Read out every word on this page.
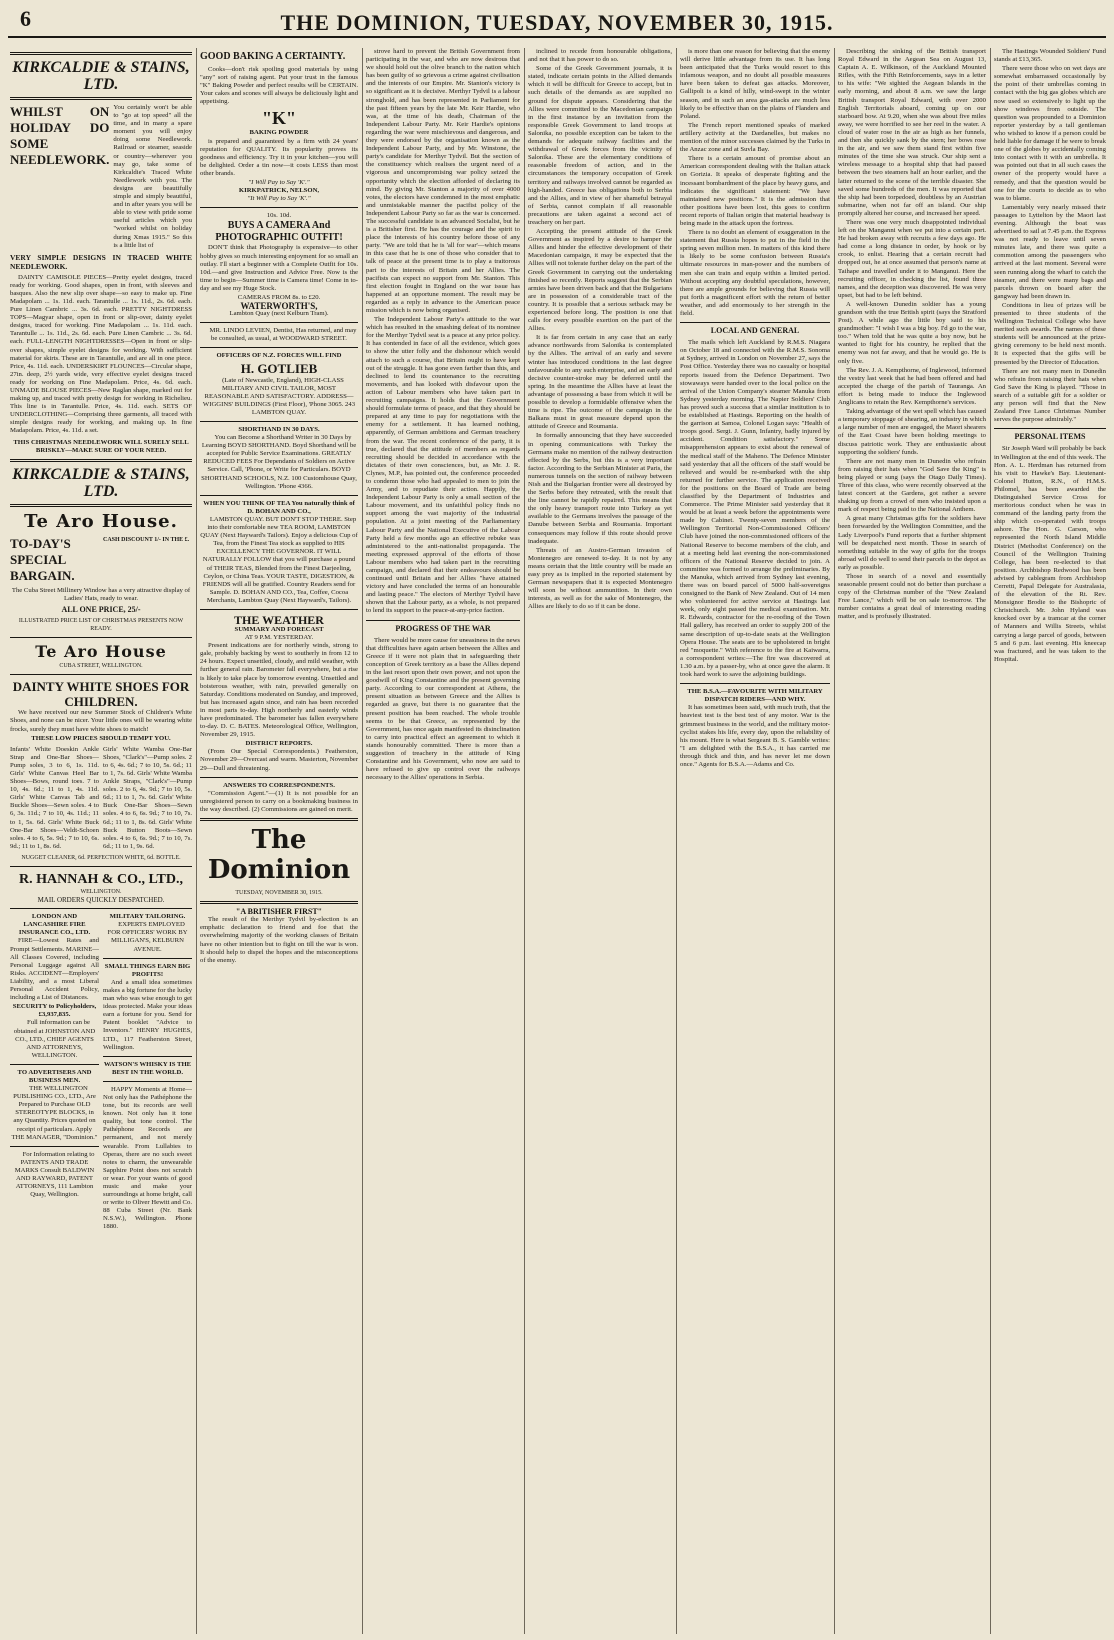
6	THE DOMINION, TUESDAY, NOVEMBER 30, 1915.
KIRKCALDIE & STAINS, LTD.
WHILST ON HOLIDAY DO SOME NEEDLEWORK.
You certainly won't be able to "go at top speed" all the time, and in many a spare moment you will enjoy doing some Needlework. Railroad or steamer, seaside or country—wherever you may go, take some of Kirkcaldie's Traced White Needlework with you. The designs are beautifully simple and simply beautiful, and in after years you will be able to view with pride some useful articles which you "worked whilst on holiday during Xmas 1915." So this is a little list of
VERY SIMPLE DESIGNS IN TRACED WHITE NEEDLEWORK.

DAINTY CAMISOLE PIECES—Pretty eyelet designs, traced ready for working. Good shapes, open in front, with sleeves and basques. Also the new slip over shape—so easy to make up. Fine Madapolam ... 1s. 11d. each. Tarantulle ... 1s. 11d., 2s. 6d. each. Pure Linen Cambric ... 3s. 6d. each. PRETTY NIGHTDRESS TOPS—Magyar shape, open in front or slip-over, dainty eyelet designs, traced for working. Fine Madapolam ... 1s. 11d. each. Tarantulle ... 1s. 11d., 2s. 6d. each. Pure Linen Cambric ... 3s. 6d. each. FULL-LENGTH NIGHTDRESSES—Open in front or slip-over shapes, simple eyelet designs for working. With sufficient material for skirts. These are in Tarantulle, and are all in one piece. Price, 4s. 11d. each. UNDERSKIRT FLOUNCES—Circular shape, 27in. deep, 2½ yards wide, very effective eyelet designs traced ready for working on Fine Madapolam. Price, 4s. 6d. each. UNMADE BLOUSE PIECES—New Raglan shape, marked out for making up, and traced with pretty design for working in Richelieu. This line is in Tarantulle. Price, 4s. 11d. each. SETS OF UNDERCLOTHING—Comprising three garments, all traced with simple designs ready for working, and making up. In fine Madapolam. Price, 4s. 11d. a set.

THIS CHRISTMAS NEEDLEWORK WILL SURELY SELL BRISKLY—MAKE SURE OF YOUR NEED.
KIRKCALDIE & STAINS, LTD.
Te Aro House.
TO-DAY'S SPECIAL BARGAIN.
CASH DISCOUNT 1/- IN THE £.
The Cuba Street Millinery Window has a very attractive display of Ladies' Hats, ready to wear.
ALL ONE PRICE, 25/-
ILLUSTRATED PRICE LIST OF CHRISTMAS PRESENTS NOW READY.
Te Aro House
CUBA STREET, WELLINGTON.
DAINTY WHITE SHOES FOR CHILDREN.

We have received our new Summer Stock of Children's White Shoes, and none can be nicer. Your little ones will be wearing white frocks, surely they must have white shoes to match!

THESE LOW PRICES SHOULD TEMPT YOU.
Infants' White Doeskin Ankle Strap and One-Bar Shoes—Pump soles, 3 to 6, 1s. 11d. Girls' White Canvas Heel Bar Shoes—Bows, round toes. 7 to 10, 4s. 6d.; 11 to 1, 4s. 11d. Girls' White Canvas Tab and Buckle Shoes—Sewn soles. 4 to 6, 3s. 11d.; 7 to 10, 4s. 11d.; 11 to 1, 5s. 6d. Girls' White Buck One-Bar Shoes—Veldt-Schoen soles. 4 to 6, 5s. 9d.; 7 to 10, 6s. 9d.; 11 to 1, 8s. 6d.
Girls' White Wamba One-Bar Shoes, "Clark's"—Pump soles. 2 to 6, 4s. 6d.; 7 to 10, 5s. 6d.; 11 to 1, 7s. 6d. Girls' White Wamba Ankle Straps, "Clark's"—Pump soles. 2 to 6, 4s. 9d.; 7 to 10, 5s. 6d.; 11 to 1, 7s. 6d. Girls' White Buck One-Bar Shoes—Sewn soles. 4 to 6, 6s. 9d.; 7 to 10, 7s. 6d.; 11 to 1, 8s. 6d. Girls' White Buck Button Boots—Sewn soles. 4 to 6, 6s. 9d.; 7 to 10, 7s. 6d.; 11 to 1, 9s. 6d.
NUGGET CLEANER, 6d. PERFECTION WHITE, 6d. BOTTLE.
R. HANNAH & CO., LTD.,
WELLINGTON.
MAIL ORDERS QUICKLY DESPATCHED.
LONDON AND LANCASHIRE FIRE INSURANCE CO., LTD.

FIRE—Lowest Rates and Prompt Settlements. MARINE—All Classes Covered, including Personal Luggage against All Risks. ACCIDENT—Employers' Liability, and a most Liberal Personal Accident Policy, including a List of Distances.

SECURITY to Policyholders, £3,937,835.

Full information can be obtained at JOHNSTON AND CO., LTD., CHIEF AGENTS AND ATTORNEYS, WELLINGTON.

TO ADVERTISERS AND BUSINESS MEN.

THE WELLINGTON PUBLISHING CO., LTD., Are Prepared to Purchase OLD STEREOTYPE BLOCKS, in any Quantity. Prices quoted on receipt of particulars. Apply THE MANAGER, "Dominion."

For Information relating to PATENTS AND TRADE MARKS Consult BALDWIN AND RAYWARD, PATENT ATTORNEYS, 111 Lambton Quay, Wellington.

MILITARY TAILORING.

EXPERTS EMPLOYED FOR OFFICERS' WORK BY MILLIGAN'S, KELBURN AVENUE.

SMALL THINGS EARN BIG PROFITS!

And a small idea sometimes makes a big fortune for the lucky man who was wise enough to get ideas protected. Make your ideas earn a fortune for you. Send for Patent booklet "Advice to Inventors." HENRY HUGHES, LTD., 117 Featherston Street, Wellington.

WATSON'S WHISKY IS THE BEST IN THE WORLD.

HAPPY Moments at Home—Not only has the Pathéphone the tone, but its records are well known. Not only has it tone quality, but tone control. The Pathéphone Records are permanent, and not merely wearable. From Lullabies to Operas, there are no such sweet notes to charm, the unwearable Sapphire Point does not scratch or wear. For your wants of good music and make your surroundings at home bright, call or write to Oliver Hewitt and Co. 88 Cuba Street (Nr. Bank N.S.W.), Wellington. Phone 1880.

GOOD BAKING A CERTAINTY.

Cooks—don't risk spoiling good materials by using "any" sort of raising agent. Put your trust in the famous "K" Baking Powder and perfect results will be CERTAIN. Your cakes and scones will always be deliciously light and appetising.

"K"
BAKING POWDER

is prepared and guaranteed by a firm with 24 years' reputation for QUALITY. Its popularity proves its goodness and efficiency. Try it in your kitchen—you will be delighted. Order a tin now—it costs LESS than most other brands.

"I Will Pay to Say 'K'."
KIRKPATRICK, NELSON,
"It Will Pay to Say 'K'."
10s. 10d.
BUYS A CAMERA And PHOTOGRAPHIC OUTFIT!

DON'T think that Photography is expensive—to other hobby gives so much interesting enjoyment for so small an outlay. I'll start a beginner with a Complete Outfit for 10s. 10d.—and give Instruction and Advice Free. Now is the time to begin—Summer time is Camera time! Come in to-day and see my Huge Stock.

CAMERAS FROM 8s. to £20.
WATERWORTH'S,
Lambton Quay (next Kelburn Tram).

MR. LINDO LEVIEN, Dentist, Has returned, and may be consulted, as usual, at WOODWARD STREET.

OFFICERS OF N.Z. FORCES WILL FIND
H. GOTLIEB

(Late of Newcastle, England), HIGH-CLASS MILITARY AND CIVIL TAILOR, MOST REASONABLE AND SATISFACTORY. ADDRESS—WIGGINS' BUILDINGS (First Floor), 'Phone 3065. 243 LAMBTON QUAY.

SHORTHAND IN 30 DAYS.

You can Become a Shorthand Writer in 30 Days by Learning BOYD SHORTHAND. Boyd Shorthand will be accepted for Public Service Examinations. GREATLY REDUCED FEES For Dependants of Soldiers on Active Service. Call, 'Phone, or Write for Particulars. BOYD SHORTHAND SCHOOLS, N.Z. 100 Customhouse Quay, Wellington. 'Phone 4366.

WHEN YOU THINK OF TEA You naturally think of D. BOHAN AND CO.,

LAMBTON QUAY. BUT DON'T STOP THERE. Step into their comfortable new TEA ROOM, LAMBTON QUAY (Next Hayward's Tailors). Enjoy a delicious Cup of Tea, from the Finest Tea stock as supplied to HIS EXCELLENCY THE GOVERNOR. IT WILL NATURALLY FOLLOW that you will purchase a pound of THEIR TEAS, Blended from the Finest Darjeeling, Ceylon, or China Teas. YOUR TASTE, DIGESTION, & FRIENDS will all be gratified. Country Readers send for Sample. D. BOHAN AND CO., Tea, Coffee, Cocoa Merchants, Lambton Quay (Next Hayward's, Tailors).

THE WEATHER
SUMMARY AND FORECAST
AT 9 P.M. YESTERDAY.

Present indications are for northerly winds, strong to gale, probably backing by west to southerly in from 12 to 24 hours. Expect unsettled, cloudy, and mild weather, with further general rain. Barometer fall everywhere, but a rise is likely to take place by tomorrow evening. Unsettled and boisterous weather, with rain, prevailed generally on Saturday. Conditions moderated on Sunday, and improved, but has increased again since, and rain has been recorded in most parts to-day. High northerly and easterly winds have predominated. The barometer has fallen everywhere to-day. D. C. BATES. Meteorological Office, Wellington, November 29, 1915.

DISTRICT REPORTS.

(From Our Special Correspondents.) Featherston, November 29—Overcast and warm. Masterton, November 29—Dull and threatening.

ANSWERS TO CORRESPONDENTS.

"Commission Agent."—(1) It is not possible for an unregistered person to carry on a bookmaking business in the way described. (2) Commissions are gained on merit.

The Dominion
TUESDAY, NOVEMBER 30, 1915.
"A BRITISHER FIRST"

The result of the Merthyr Tydvil by-election is an emphatic declaration to friend and foe that the overwhelming majority of the working classes of Britain have no other intention but to fight on till the war is won. It should help to dispel the hopes and the misconceptions of the enemy.

strove hard to prevent the British Government from participating in the war, and who are now desirous that we should hold out the olive branch to the nation which has been guilty of so grievous a crime against civilisation and the interests of our Empire. Mr. Stanton's victory is so significant as it is decisive. Merthyr Tydvil is a labour stronghold, and has been represented in Parliament for the past fifteen years by the late Mr. Keir Hardie, who was, at the time of his death, Chairman of the Independent Labour Party. Mr. Keir Hardie's opinions regarding the war were mischievous and dangerous, and they were endorsed by the organisation known as the Independent Labour Party, and by Mr. Winstone, the party's candidate for Merthyr Tydvil. But the section of the constituency which realises the urgent need of a vigorous and uncompromising war policy seized the opportunity which the election afforded of declaring its mind. By giving Mr. Stanton a majority of over 4000 votes, the electors have condemned in the most emphatic and unmistakable manner the pacifist policy of the Independent Labour Party so far as the war is concerned. The successful candidate is an advanced Socialist, but he is a Britisher first. He has the courage and the spirit to place the interests of his country before those of any party. "We are told that he is 'all for war'—which means in this case that he is one of those who consider that to talk of peace at the present time is to play a traitorous part to the interests of Britain and her Allies. The pacifists can expect no support from Mr. Stanton. This first election fought in England on the war issue has happened at an opportune moment. The result may be regarded as a reply in advance to the American peace mission which is now being organised.

The Independent Labour Party's attitude to the war which has resulted in the smashing defeat of its nominee for the Merthyr Tydvil seat is a peace at any price policy. It has contended in face of all the evidence, which goes to show the utter folly and the dishonour which would attach to such a course, that Britain ought to have kept out of the struggle. It has gone even farther than this, and declined to lend its countenance to the recruiting movements, and has looked with disfavour upon the action of Labour members who have taken part in recruiting campaigns. It holds that the Government should formulate terms of peace, and that they should be prepared at any time to pay for negotiations with the enemy for a settlement. It has learned nothing, apparently, of German ambitions and German treachery from the war. The recent conference of the party, it is true, declared that the attitude of members as regards recruiting should be decided in accordance with the dictates of their own consciences, but, as Mr. J. R. Clynes, M.P., has pointed out, the conference proceeded to condemn those who had appealed to men to join the Army, and to repudiate their action. Happily, the Independent Labour Party is only a small section of the Labour movement, and its unfaithful policy finds no support among the vast majority of the industrial population. At a joint meeting of the Parliamentary Labour Party and the National Executive of the Labour Party held a few months ago an effective rebuke was administered to the anti-nationalist propaganda. The meeting expressed approval of the efforts of those Labour members who had taken part in the recruiting campaign, and declared that their endeavours should be continued until Britain and her Allies "have attained victory and have concluded the terms of an honourable and lasting peace." The electors of Merthyr Tydvil have shown that the Labour party, as a whole, is not prepared to lend its support to the peace-at-any-price faction.

PROGRESS OF THE WAR

There would be more cause for uneasiness in the news that difficulties have again arisen between the Allies and Greece if it were not plain that in safeguarding their conception of Greek territory as a base the Allies depend in the last resort upon their own power, and not upon the goodwill of King Constantine and the present governing party. According to our correspondent at Athens, the present situation as between Greece and the Allies is regarded as grave, but there is no guarantee that the present position has been reached. The whole trouble seems to be that Greece, as represented by the Government, has once again manifested its disinclination to carry into practical effect an agreement to which it stands honourably committed. There is more than a suggestion of treachery in the attitude of King Constantine and his Government, who now are said to have refused to give up control over the railways necessary to the Allies' operations in Serbia.

inclined to recede from honourable obligations, and not that it has power to do so.

Some of the Greek Government journals, it is stated, indicate certain points in the Allied demands which it will be difficult for Greece to accept, but in such details of the demands as are supplied no ground for dispute appears. Considering that the Allies were committed to the Macedonian campaign in the first instance by an invitation from the responsible Greek Government to land troops at Salonika, no possible exception can be taken to the demands for adequate railway facilities and the withdrawal of Greek forces from the vicinity of Salonika. These are the elementary conditions of reasonable freedom of action, and in the circumstances the temporary occupation of Greek territory and railways involved cannot be regarded as high-handed. Greece has obligations both to Serbia and the Allies, and in view of her shameful betrayal of Serbia, cannot complain if all reasonable precautions are taken against a second act of treachery on her part.

Accepting the present attitude of the Greek Government as inspired by a desire to hamper the Allies and hinder the effective development of their Macedonian campaign, it may be expected that the Allies will not tolerate further delay on the part of the Greek Government in carrying out the undertaking finished so recently. Reports suggest that the Serbian armies have been driven back and that the Bulgarians are in possession of a considerable tract of the country. It is possible that a serious setback may be experienced before long. The position is one that calls for every possible exertion on the part of the Allies.

It is far from certain in any case that an early advance northwards from Salonika is contemplated by the Allies. The arrival of an early and severe winter has introduced conditions in the last degree unfavourable to any such enterprise, and an early and decisive counter-stroke may be deferred until the spring. In the meantime the Allies have at least the advantage of possessing a base from which it will be possible to develop a formidable offensive when the time is ripe. The outcome of the campaign in the Balkans must in great measure depend upon the attitude of Greece and Roumania.

In formally announcing that they have succeeded in opening communications with Turkey the Germans make no mention of the railway destruction effected by the Serbs, but this is a very important factor. According to the Serbian Minister at Paris, the numerous tunnels on the section of railway between Nish and the Bulgarian frontier were all destroyed by the Serbs before they retreated, with the result that the line cannot be rapidly repaired. This means that the only heavy transport route into Turkey as yet available to the Germans involves the passage of the Danube between Serbia and Roumania. Important consequences may follow if this route should prove inadequate.

Threats of an Austro-German invasion of Montenegro are renewed to-day. It is not by any means certain that the little country will be made an easy prey as is implied in the reported statement by German newspapers that it is expected Montenegro will soon be without ammunition. In their own interests, as well as for the sake of Montenegro, the Allies are likely to do so if it can be done.

is more than one reason for believing that the enemy will derive little advantage from its use. It has long been anticipated that the Turks would resort to this infamous weapon, and no doubt all possible measures have been taken to defeat gas attacks. Moreover, Gallipoli is a kind of hilly, wind-swept in the winter season, and in such an area gas-attacks are much less likely to be effective than on the plains of Flanders and Poland.

The French report mentioned speaks of marked artillery activity at the Dardanelles, but makes no mention of the minor successes claimed by the Turks in the Anzac zone and at Suvla Bay.

There is a certain amount of promise about an American correspondent dealing with the Italian attack on Gorizia. It speaks of desperate fighting and the incessant bombardment of the place by heavy guns, and indicates the significant statement: "We have maintained new positions." It is the admission that other positions have been lost, this goes to confirm recent reports of Italian origin that material headway is being made in the attack upon the fortress.

There is no doubt an element of exaggeration in the statement that Russia hopes to put in the field in the spring seven million men. In matters of this kind there is likely to be some confusion between Russia's ultimate resources in man-power and the numbers of men she can train and equip within a limited period. Without accepting any doubtful speculations, however, there are ample grounds for believing that Russia will put forth a magnificent effort with the return of better weather, and add enormously to her strength in the field.

LOCAL AND GENERAL

The mails which left Auckland by R.M.S. Niagara on October 18 and connected with the R.M.S. Sonoma at Sydney, arrived in London on November 27, says the Post Office. Yesterday there was no casualty or hospital reports issued from the Defence Department. Two stowaways were handed over to the local police on the arrival of the Union Company's steamer Manuka from Sydney yesterday morning. The Napier Soldiers' Club has proved such a success that a similar institution is to be established at Hastings. Reporting on the health of the garrison at Samoa, Colonel Logan says: "Health of troops good. Sergt. J. Gunn, Infantry, badly injured by accident. Condition satisfactory." Some misapprehension appears to exist about the renewal of the medical staff of the Maheno. The Defence Minister said yesterday that all the officers of the staff would be relieved and would be re-embarked with the ship returned for further service. The application received for the positions on the Board of Trade are being classified by the Department of Industries and Commerce. The Prime Minister said yesterday that it would be at least a week before the appointments were made by Cabinet. Twenty-seven members of the Wellington Territorial Non-Commissioned Officers' Club have joined the non-commissioned officers of the National Reserve to become members of the club, and at a meeting held last evening the non-commissioned officers of the National Reserve decided to join. A committee was formed to arrange the preliminaries. By the Manuka, which arrived from Sydney last evening, there was on board parcel of 5000 half-sovereigns consigned to the Bank of New Zealand. Out of 14 men who volunteered for active service at Hastings last week, only eight passed the medical examination. Mr. R. Edwards, contractor for the re-roofing of the Town Hall gallery, has received an order to supply 200 of the same description of up-to-date seats at the Wellington Opera House. The seats are to be upholstered in bright red "moquette." With reference to the fire at Kaiwarra, a correspondent writes:—The fire was discovered at 1.30 a.m. by a passer-by, who at once gave the alarm. It took hard work to save the adjoining buildings.

THE B.S.A.—FAVOURITE WITH MILITARY DISPATCH RIDERS—AND WHY.

It has sometimes been said, with much truth, that the heaviest test is the best test of any motor. War is the grimmest business in the world, and the military motor-cyclist stakes his life, every day, upon the reliability of his mount. Here is what Sergeant B. S. Gamble writes: "I am delighted with the B.S.A., it has carried me through thick and thin, and has never let me down once." Agents for B.S.A.—Adams and Co.

Describing the sinking of the British transport Royal Edward in the Aegean Sea on August 13, Captain A. E. Wilkinson, of the Auckland Mounted Rifles, with the Fifth Reinforcements, says in a letter to his wife: "We sighted the Aegean Islands in the early morning, and about 8 a.m. we saw the large British transport Royal Edward, with over 2000 English Territorials aboard, coming up on our starboard bow. At 9.20, when she was about five miles away, we were horrified to see her reel in the water. A cloud of water rose in the air as high as her funnels, and then she quickly sank by the stern; her bows rose in the air, and we saw them stand first within five minutes of the time she was struck. Our ship sent a wireless message to a hospital ship that had passed between the two steamers half an hour earlier, and the latter returned to the scene of the terrible disaster. She saved some hundreds of the men. It was reported that the ship had been torpedoed, doubtless by an Austrian submarine, when not far off an island. Our ship promptly altered her course, and increased her speed.

There was one very much disappointed individual left on the Manganni when we put into a certain port. He had broken away with recruits a few days ago. He had come a long distance in order, by hook or by crook, to enlist. Hearing that a certain recruit had dropped out, he at once assumed that person's name at Taihape and travelled under it to Manganui. Here the recruiting officer, in checking the list, found three names, and the deception was discovered. He was very upset, but had to be left behind.

A well-known Dunedin soldier has a young grandson with the true British spirit (says the Stratford Post). A while ago the little boy said to his grandmother: "I wish I was a big boy. I'd go to the war, too." When told that he was quite a boy now, but he wanted to fight for his country, he replied that the enemy was not far away, and that he would go. He is only five.

The Rev. J. A. Kempthorne, of Inglewood, informed the vestry last week that he had been offered and had accepted the charge of the parish of Tauranga. An effort is being made to induce the Inglewood Anglicans to retain the Rev. Kempthorne's services.

Taking advantage of the wet spell which has caused a temporary stoppage of shearing, an industry in which a large number of men are engaged, the Maori shearers of the East Coast have been holding meetings to discuss patriotic work. They are enthusiastic about supporting the soldiers' funds.

There are not many men in Dunedin who refrain from raising their hats when "God Save the King" is being played or sung (says the Otago Daily Times). Three of this class, who were recently observed at the latest concert at the Gardens, got rather a severe shaking up from a crowd of men who insisted upon a mark of respect being paid to the National Anthem.

A great many Christmas gifts for the soldiers have been forwarded by the Wellington Committee, and the Lady Liverpool's Fund reports that a further shipment will be despatched next month. Those in search of something suitable in the way of gifts for the troops abroad will do well to send their parcels to the depot as early as possible.

Those in search of a novel and essentially seasonable present could not do better than purchase a copy of the Christmas number of the "New Zealand Free Lance," which will be on sale to-morrow. The number contains a great deal of interesting reading matter, and is profusely illustrated.

The Hastings Wounded Soldiers' Fund stands at £13,365.

There were those who on wet days are somewhat embarrassed occasionally by the point of their umbrellas coming in contact with the big gas globes which are now used so extensively to light up the show windows from outside. The question was propounded to a Dominion reporter yesterday by a tall gentleman who wished to know if a person could be held liable for damage if he were to break one of the globes by accidentally coming into contact with it with an umbrella. It was pointed out that in all such cases the owner of the property would have a remedy, and that the question would be one for the courts to decide as to who was to blame.

Lamentably very nearly missed their passages to Lyttelton by the Maori last evening. Although the boat was advertised to sail at 7.45 p.m. the Express was not ready to leave until seven minutes late, and there was quite a commotion among the passengers who arrived at the last moment. Several were seen running along the wharf to catch the steamer, and there were many bags and parcels thrown on board after the gangway had been drawn in.

Conditions in lieu of prizes will be presented to three students of the Wellington Technical College who have merited such awards. The names of these students will be announced at the prize-giving ceremony to be held next month. It is expected that the gifts will be presented by the Director of Education.

There are not many men in Dunedin who refrain from raising their hats when God Save the King is played. "Those in search of a suitable gift for a soldier or any person will find that the New Zealand Free Lance Christmas Number serves the purpose admirably."

PERSONAL ITEMS

Sir Joseph Ward will probably be back in Wellington at the end of this week. The Hon. A. L. Herdman has returned from his visit to Hawke's Bay. Lieutenant-Colonel Hutton, R.N., of H.M.S. Philomel, has been awarded the Distinguished Service Cross for meritorious conduct when he was in command of the landing party from the ship which co-operated with troops ashore. The Hon. G. Carson, who represented the North Island Middle District (Methodist Conference) on the Council of the Wellington Training College, has been re-elected to that position. Archbishop Redwood has been advised by cablegram from Archbishop Cerretti, Papal Delegate for Australasia, of the elevation of the Rt. Rev. Monsignor Brodie to the Bishopric of Christchurch. Mr. John Hyland was knocked over by a tramcar at the corner of Manners and Willis Streets, whilst carrying a large parcel of goods, between 5 and 6 p.m. last evening. His kneecap was fractured, and he was taken to the Hospital.
